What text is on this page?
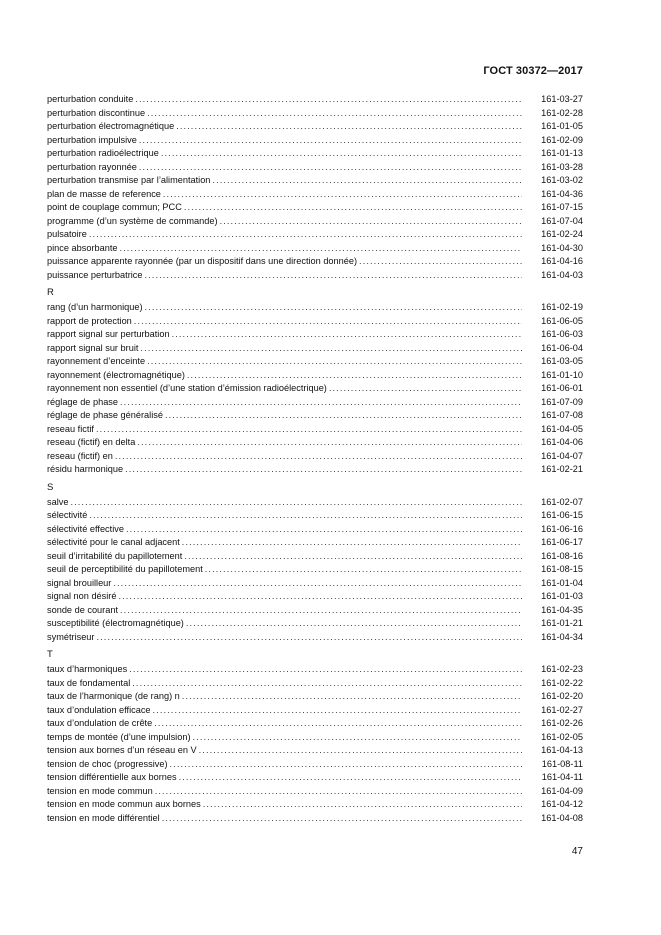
ГОСТ 30372—2017
perturbation conduite .....	161-03-27
perturbation discontinue .....	161-02-28
perturbation électromagnétique .....	161-01-05
perturbation impulsive .....	161-02-09
perturbation radioélectrique .....	161-01-13
perturbation rayonnée .....	161-03-28
perturbation transmise par l’alimentation .....	161-03-02
plan de masse de reference .....	161-04-36
point de couplage commun; PCC .....	161-07-15
programme (d’un système de commande) .....	161-07-04
pulsatoire .....	161-02-24
pince absorbante .....	161-04-30
puissance apparente rayonnée (par un dispositif dans une direction donnée) .....	161-04-16
puissance perturbatrice .....	161-04-03
R
rang (d’un harmonique) .....	161-02-19
rapport de protection .....	161-06-05
rapport signal sur perturbation .....	161-06-03
rapport signal sur bruit .....	161-06-04
rayonnement d’enceinte .....	161-03-05
rayonnement (électromagnétique) .....	161-01-10
rayonnement non essentiel (d’une station d’émission radioélectrique) .....	161-06-01
réglage de phase .....	161-07-09
réglage de phase généralisé .....	161-07-08
reseau fictif .....	161-04-05
reseau (fictif) en delta .....	161-04-06
reseau (fictif) en .....	161-04-07
résidu harmonique .....	161-02-21
S
salve .....	161-02-07
sélectivité .....	161-06-15
sélectivité effective .....	161-06-16
sélectivité pour le canal adjacent .....	161-06-17
seuil d’irritabilité du papillotement .....	161-08-16
seuil de perceptibilité du papillotement .....	161-08-15
signal brouilleur .....	161-01-04
signal non désiré .....	161-01-03
sonde de courant .....	161-04-35
susceptibilité (électromagnétique) .....	161-01-21
symétriseur .....	161-04-34
T
taux d’harmoniques .....	161-02-23
taux de fondamental .....	161-02-22
taux de l’harmonique (de rang) n .....	161-02-20
taux d’ondulation efficace .....	161-02-27
taux d’ondulation de crête .....	161-02-26
temps de montée (d’une impulsion) .....	161-02-05
tension aux bornes d’un réseau en V .....	161-04-13
tension de choc (progressive) .....	161-08-11
tension différentielle aux bornes .....	161-04-11
tension en mode commun .....	161-04-09
tension en mode commun aux bornes .....	161-04-12
tension en mode différentiel .....	161-04-08
47
